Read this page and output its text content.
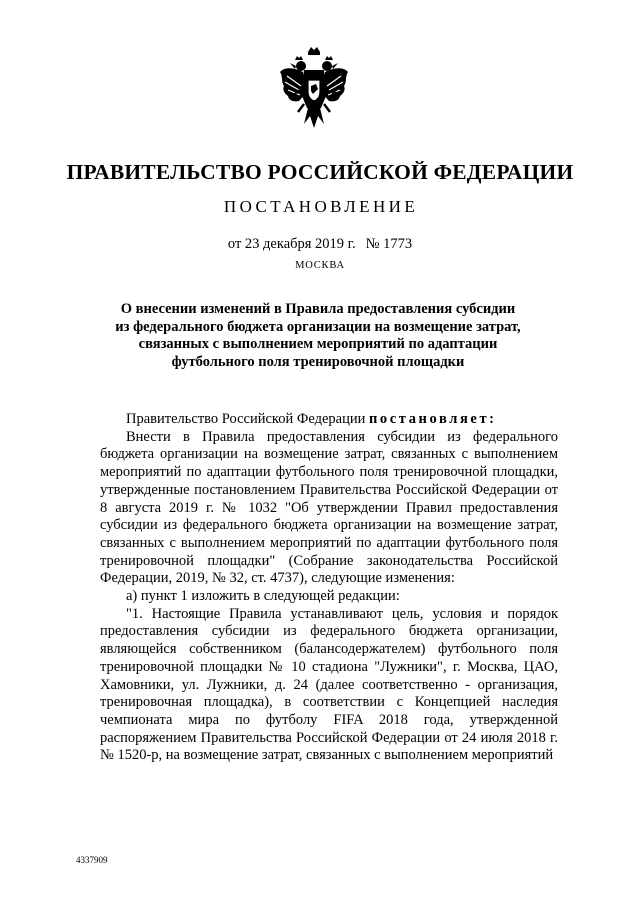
ПРАВИТЕЛЬСТВО РОССИЙСКОЙ ФЕДЕРАЦИИ
ПОСТАНОВЛЕНИЕ
от 23 декабря 2019 г. № 1773
МОСКВА
О внесении изменений в Правила предоставления субсидии
из федерального бюджета организации на возмещение затрат,
связанных с выполнением мероприятий по адаптации
футбольного поля тренировочной площадки

Правительство Российской Федерации постановляет:

Внести в Правила предоставления субсидии из федерального бюджета организации на возмещение затрат, связанных с выполнением мероприятий по адаптации футбольного поля тренировочной площадки, утвержденные постановлением Правительства Российской Федерации от 8 августа 2019 г. № 1032 "Об утверждении Правил предоставления субсидии из федерального бюджета организации на возмещение затрат, связанных с выполнением мероприятий по адаптации футбольного поля тренировочной площадки" (Собрание законодательства Российской Федерации, 2019, № 32, ст. 4737), следующие изменения:

а) пункт 1 изложить в следующей редакции:

"1. Настоящие Правила устанавливают цель, условия и порядок предоставления субсидии из федерального бюджета организации, являющейся собственником (балансодержателем) футбольного поля тренировочной площадки № 10 стадиона "Лужники", г. Москва, ЦАО, Хамовники, ул. Лужники, д. 24 (далее соответственно - организация, тренировочная площадка), в соответствии с Концепцией наследия чемпионата мира по футболу FIFA 2018 года, утвержденной распоряжением Правительства Российской Федерации от 24 июля 2018 г. № 1520-р, на возмещение затрат, связанных с выполнением мероприятий

4337909
